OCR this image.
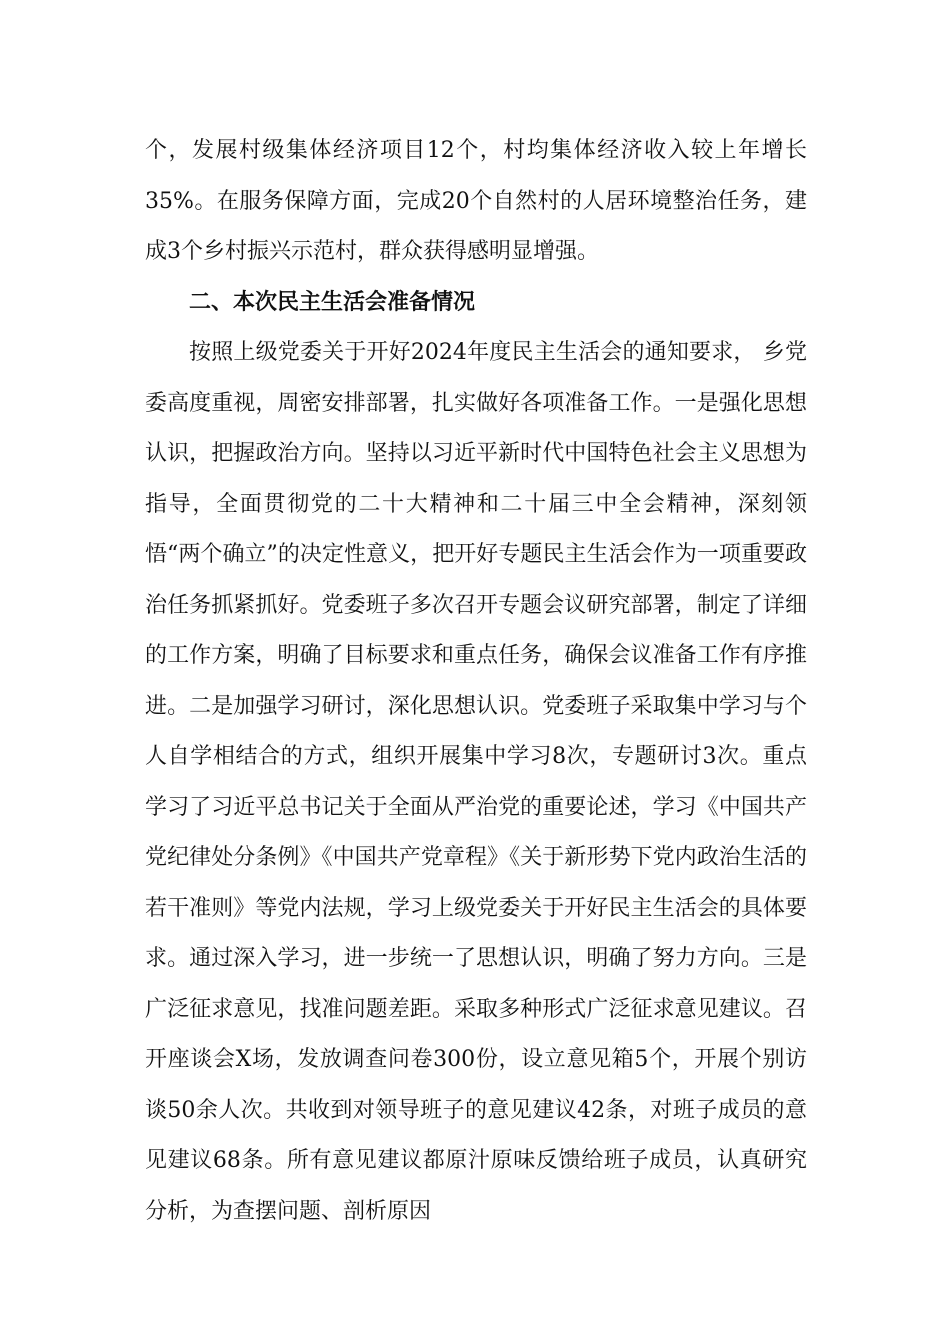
个，发展村级集体经济项目12个，村均集体经济收入较上年增长35%。在服务保障方面，完成20个自然村的人居环境整治任务，建成3个乡村振兴示范村，群众获得感明显增强。

二、本次民主生活会准备情况

按照上级党委关于开好2024年度民主生活会的通知要求， 乡党委高度重视，周密安排部署，扎实做好各项准备工作。一是强化思想认识，把握政治方向。坚持以习近平新时代中国特色社会主义思想为指导，全面贯彻党的二十大精神和二十届三中全会精神，深刻领悟“两个确立”的决定性意义，把开好专题民主生活会作为一项重要政治任务抓紧抓好。党委班子多次召开专题会议研究部署，制定了详细的工作方案，明确了目标要求和重点任务，确保会议准备工作有序推进。二是加强学习研讨，深化思想认识。党委班子采取集中学习与个人自学相结合的方式，组织开展集中学习8次，专题研讨3次。重点学习了习近平总书记关于全面从严治党的重要论述，学习《中国共产党纪律处分条例》《中国共产党章程》《关于新形势下党内政治生活的若干准则》等党内法规，学习上级党委关于开好民主生活会的具体要求。通过深入学习，进一步统一了思想认识，明确了努力方向。三是广泛征求意见，找准问题差距。采取多种形式广泛征求意见建议。召开座谈会X场，发放调查问卷300份，设立意见箱5个，开展个别访谈50余人次。共收到对领导班子的意见建议42条，对班子成员的意见建议68条。所有意见建议都原汁原味反馈给班子成员，认真研究分析，为查摆问题、剖析原因
